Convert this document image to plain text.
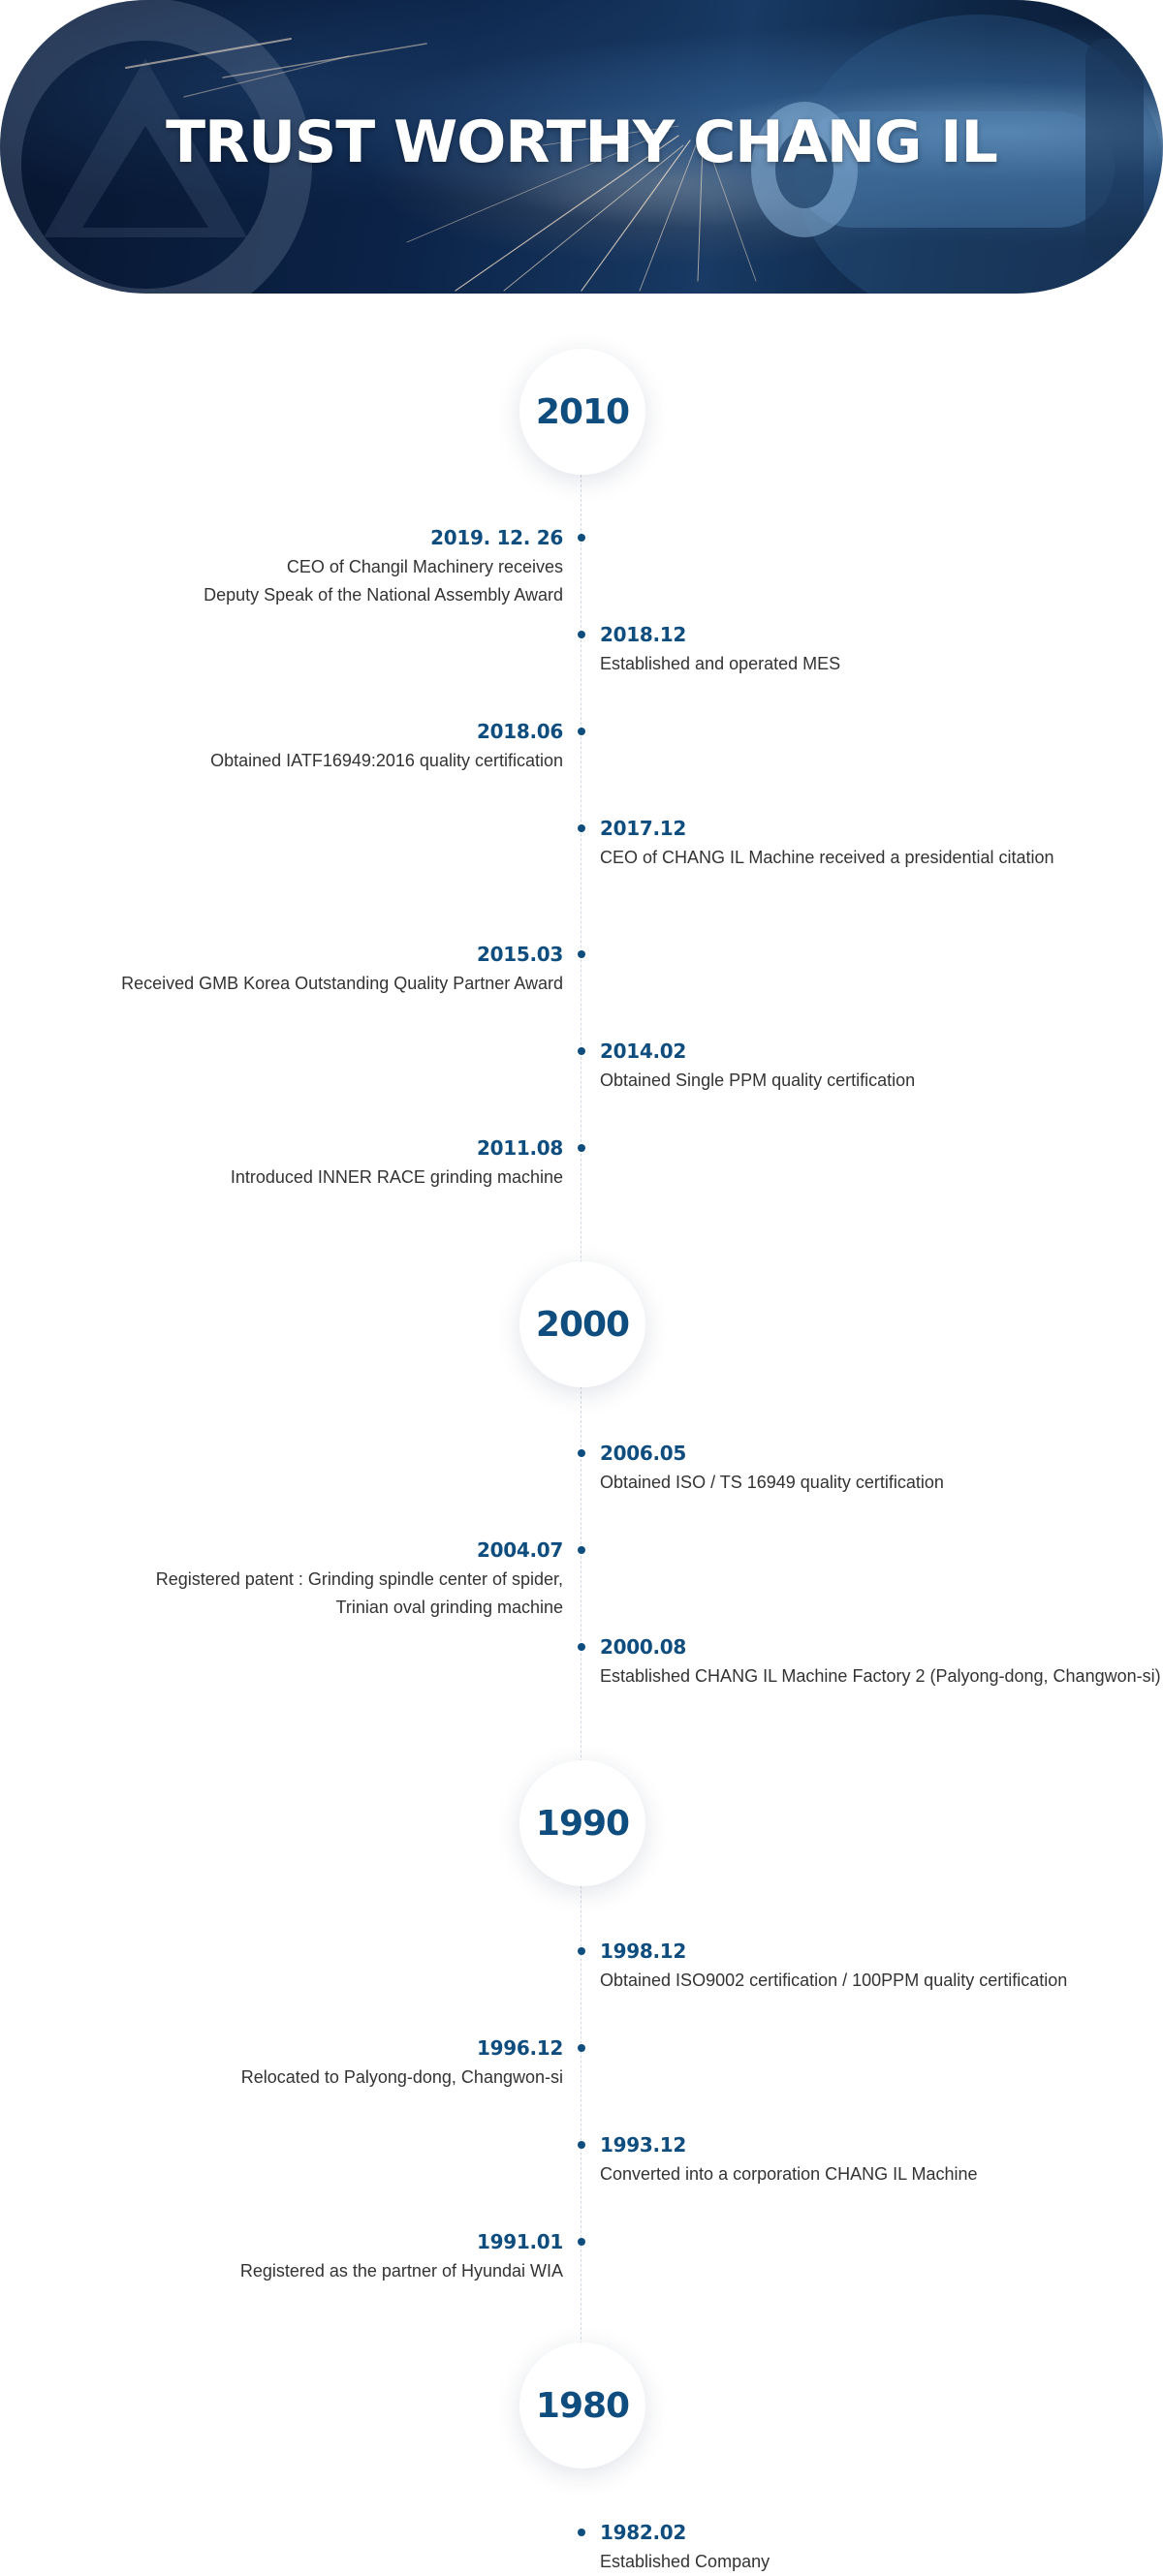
TRUST WORTHY CHANG IL
2010
2000
1990
1980
2019. 12. 26
CEO of Changil Machinery receives
Deputy Speak of the National Assembly Award
2018.12
Established and operated MES
2018.06
Obtained IATF16949:2016 quality certification
2017.12
CEO of CHANG IL Machine received a presidential citation
2015.03
Received GMB Korea Outstanding Quality Partner Award
2014.02
Obtained Single PPM quality certification
2011.08
Introduced INNER RACE grinding machine
2006.05
Obtained ISO / TS 16949 quality certification
2004.07
Registered patent : Grinding spindle center of spider,
Trinian oval grinding machine
2000.08
Established CHANG IL Machine Factory 2 (Palyong-dong, Changwon-si)
1998.12
Obtained ISO9002 certification / 100PPM quality certification
1996.12
Relocated to Palyong-dong, Changwon-si
1993.12
Converted into a corporation CHANG IL Machine
1991.01
Registered as the partner of Hyundai WIA
1982.02
Established Company
